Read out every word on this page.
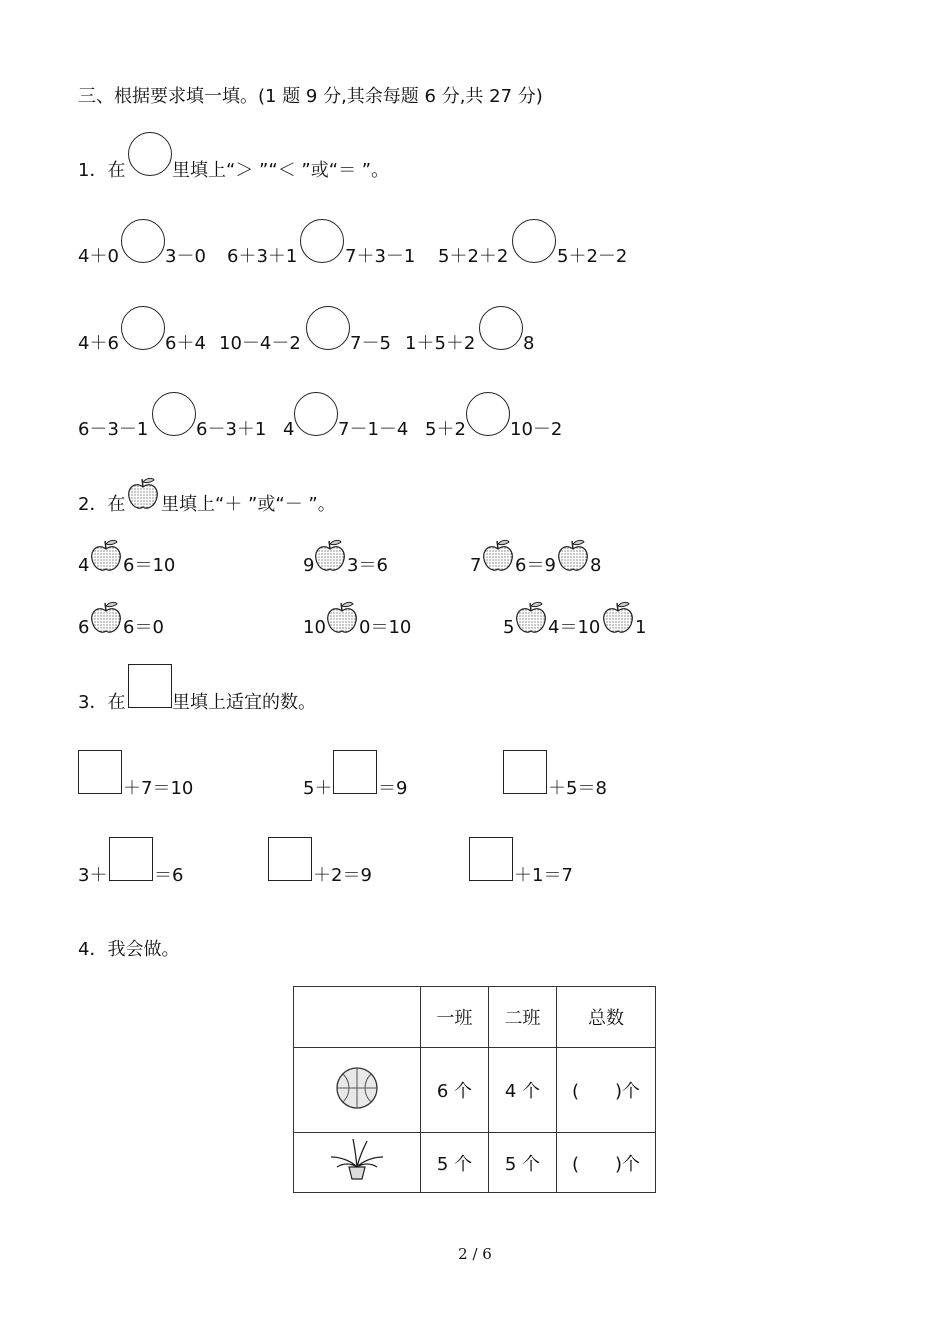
三、根据要求填一填。(1 题 9 分,其余每题 6 分,共 27 分)
1．在	里填上“＞ ”“＜ ”或“＝ ”。
4＋0	3－0 6＋3＋1	7＋3－1 5＋2＋2	5＋2－2
4＋6	6＋4 10－4－2	7－5 1＋5＋2	8
6－3－1	6－3＋1 4 7－1－4 5＋2 10－2
2．在 里填上“＋ ”或“－ ”。
4 6＝10	9 3＝6	7 6＝9 8
6 6＝0	10 0＝10	5 4＝10 1
3．在	里填上适宜的数。
＋7＝10	5＋	＝9	＋5＝8
3＋	＝6	＋2＝9	＋1＝7
4．我会做。
	一班	二班	总数
	6 个	4 个	(　　)个
	5 个	5 个	(　　)个
2 / 6
